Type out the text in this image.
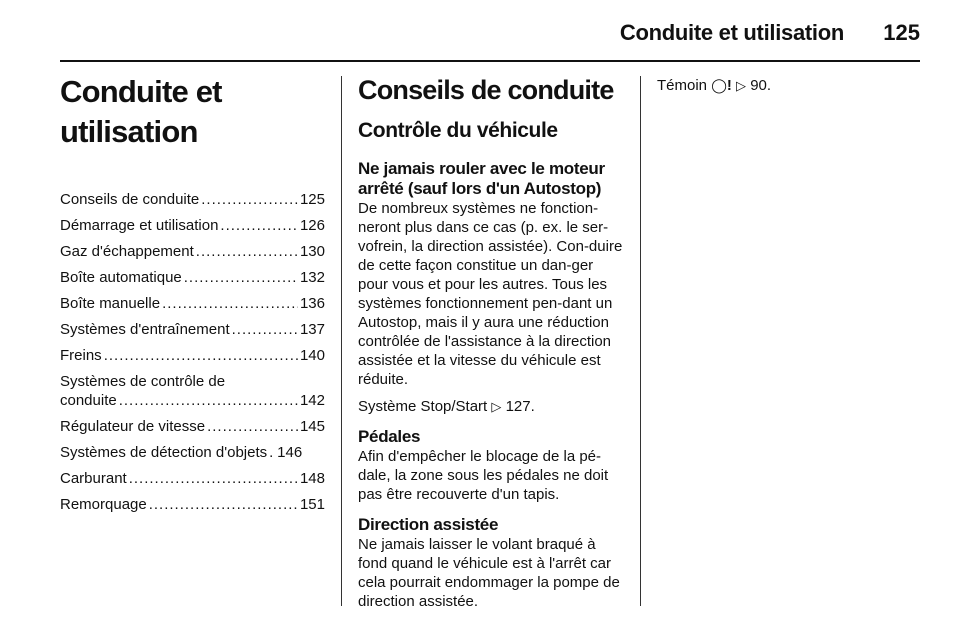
Conduite et utilisation 125
Conduite et utilisation
Conseils de conduite .....	125
Démarrage et utilisation .....	126
Gaz d'échappement .....	130
Boîte automatique .....	132
Boîte manuelle .....	136
Systèmes d'entraînement .....	137
Freins .....	140
Systèmes de contrôle de
conduite .....	142
Régulateur de vitesse .....	145
Systèmes de détection d'objets ..... 146
Carburant .....	148
Remorquage .....	151
Conseils de conduite
Contrôle du véhicule
Ne jamais rouler avec le moteur arrêté (sauf lors d'un Autostop)

De nombreux systèmes ne fonction-neront plus dans ce cas (p. ex. le ser-vofrein, la direction assistée). Con-duire de cette façon constitue un dan-ger pour vous et pour les autres. Tous les systèmes fonctionnement pen-dant un Autostop, mais il y aura une réduction contrôlée de l'assistance à la direction assistée et la vitesse du véhicule est réduite.

Système Stop/Start ▷ 127.

Pédales

Afin d'empêcher le blocage de la pé-dale, la zone sous les pédales ne doit pas être recouverte d'un tapis.

Direction assistée

Ne jamais laisser le volant braqué à fond quand le véhicule est à l'arrêt car cela pourrait endommager la pompe de direction assistée.

Témoin ◯! ▷ 90.
